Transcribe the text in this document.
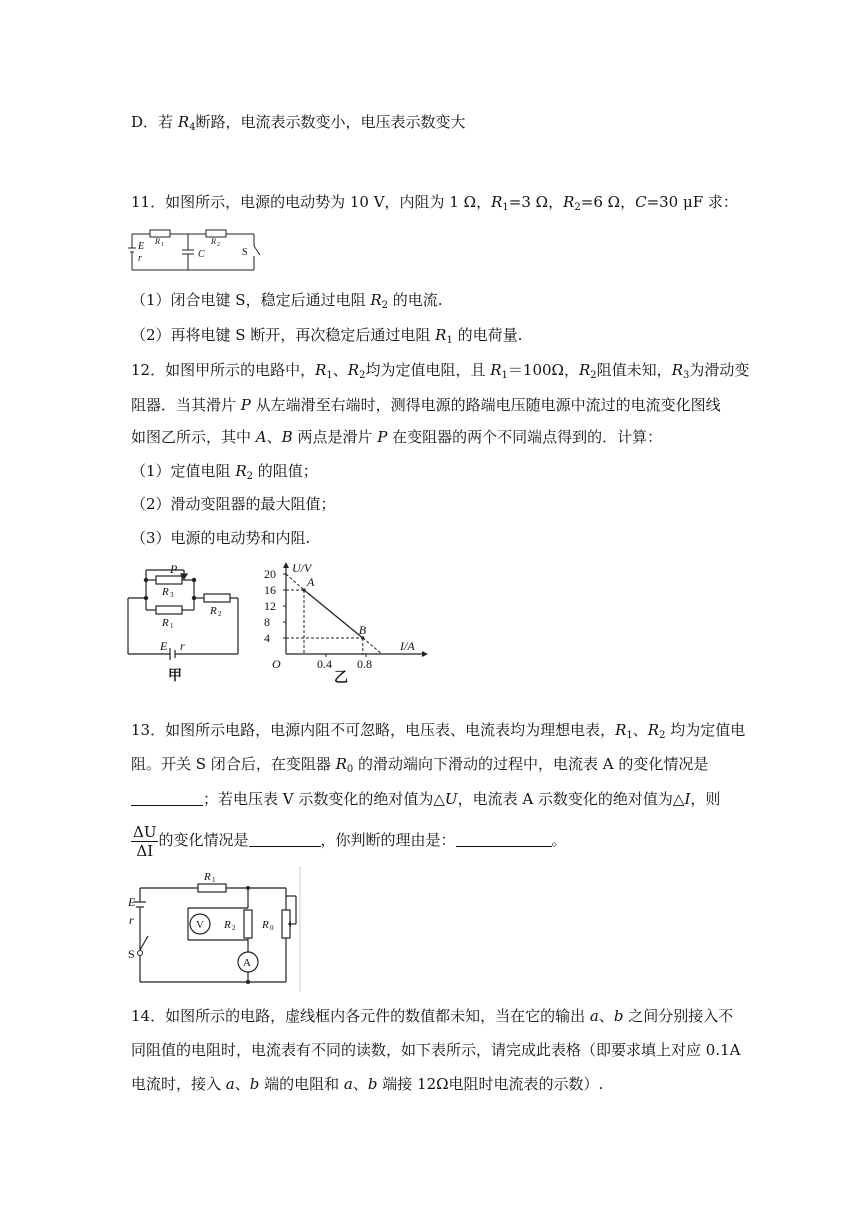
D．若 $R_4$断路，电流表示数变小，电压表示数变大
11．如图所示，电源的电动势为 10 V，内阻为 1 Ω，$R_1=3$ Ω，$R_2=6$ Ω，C=30 μF 求：
E
r
R 1	R 2
C	S
（1）闭合电键 S，稳定后通过电阻 $R_2$ 的电流.
（2）再将电键 S 断开，再次稳定后通过电阻 $R_1$ 的电荷量.
12．如图甲所示的电路中，$R_1$、$R_2$均为定值电阻，且 $R_1=100\Omega$，$R_2$阻值未知，$R_3$为滑动变
阻器．当其滑片 P 从左端滑至右端时，测得电源的路端电压随电源中流过的电流变化图线
如图乙所示，其中 A、B 两点是滑片 P 在变阻器的两个不同端点得到的．计算：
（1）定值电阻 $R_2$ 的阻值；
（2）滑动变阻器的最大阻值；
（3）电源的电动势和内阻.
P
R 3
R 1
R 2
E r
甲
20
16
12
8
4
0.4 0.8
A
B
U/V
I/A
O
乙
13．如图所示电路，电源内阻不可忽略，电压表、电流表均为理想电表，$R_1$、$R_2$ 均为定值电
阻。开关 S 闭合后，在变阻器 $R_0$ 的滑动端向下滑动的过程中，电流表 A 的变化情况是
；若电压表 V 示数变化的绝对值为△U，电流表 A 示数变化的绝对值为△I，则
$\frac{\Delta U}{\Delta I}$ 的变化情况是	，你判断的理由是：	。
E
r
S
R 1
R 2 R 0
V
A
14．如图所示的电路，虚线框内各元件的数值都未知，当在它的输出 a、b 之间分别接入不
同阻值的电阻时，电流表有不同的读数，如下表所示，请完成此表格（即要求填上对应 0.1A
电流时，接入 a、b 端的电阻和 a、b 端接 12Ω电阻时电流表的示数）.
